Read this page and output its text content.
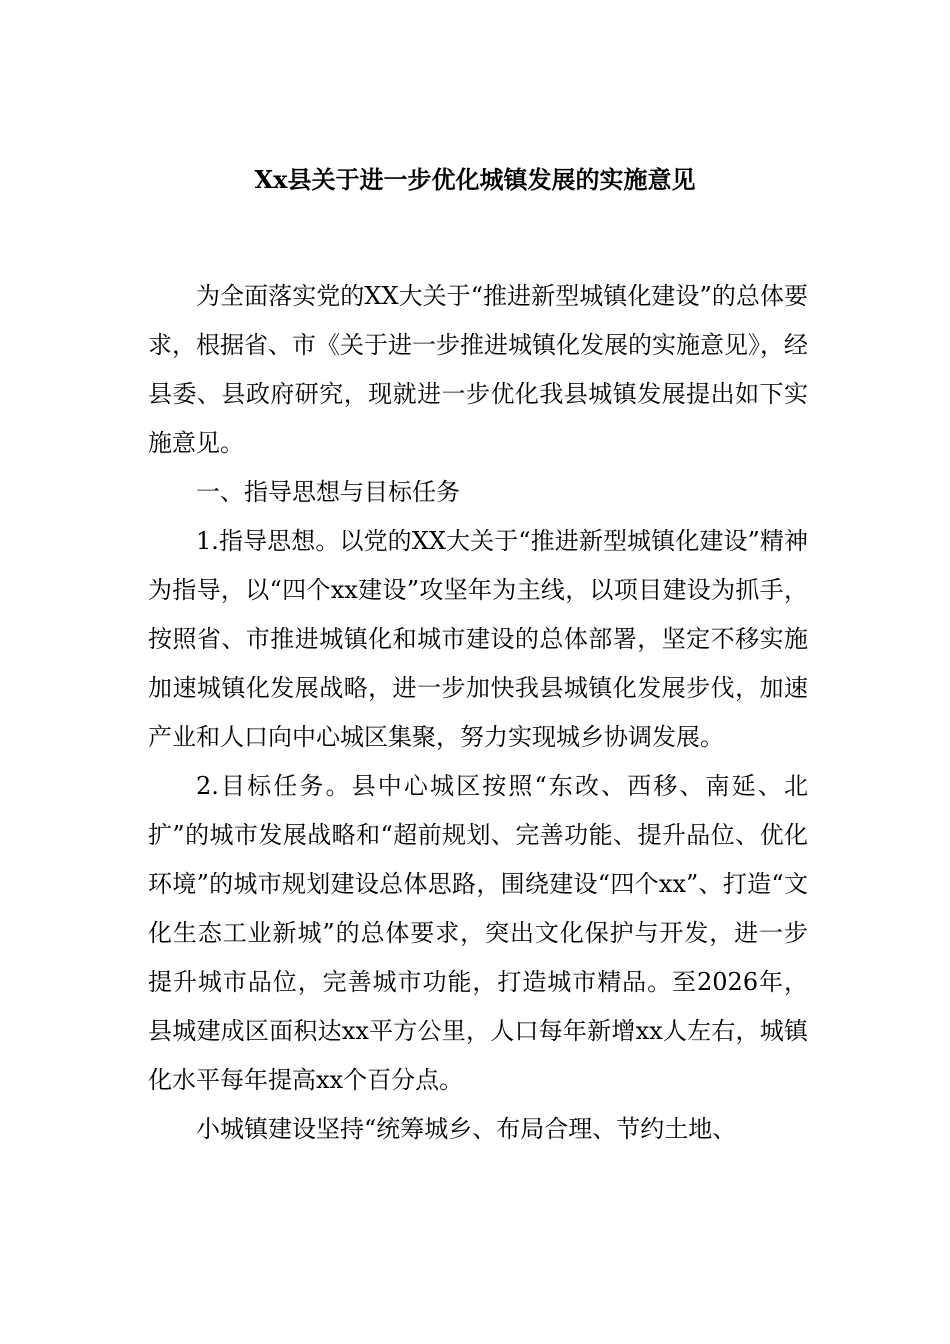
Xx县关于进一步优化城镇发展的实施意见

为全面落实党的XX大关于“推进新型城镇化建设”的总体要求，根据省、市《关于进一步推进城镇化发展的实施意见》，经县委、县政府研究，现就进一步优化我县城镇发展提出如下实施意见。

一、指导思想与目标任务

1.指导思想。以党的XX大关于“推进新型城镇化建设”精神为指导，以“四个xx建设”攻坚年为主线，以项目建设为抓手，按照省、市推进城镇化和城市建设的总体部署，坚定不移实施加速城镇化发展战略，进一步加快我县城镇化发展步伐，加速产业和人口向中心城区集聚，努力实现城乡协调发展。

2.目标任务。县中心城区按照“东改、西移、南延、北扩”的城市发展战略和“超前规划、完善功能、提升品位、优化环境”的城市规划建设总体思路，围绕建设“四个xx”、打造“文化生态工业新城”的总体要求，突出文化保护与开发，进一步提升城市品位，完善城市功能，打造城市精品。至2026年，县城建成区面积达xx平方公里，人口每年新增xx人左右，城镇化水平每年提高xx个百分点。

小城镇建设坚持“统筹城乡、布局合理、节约土地、
